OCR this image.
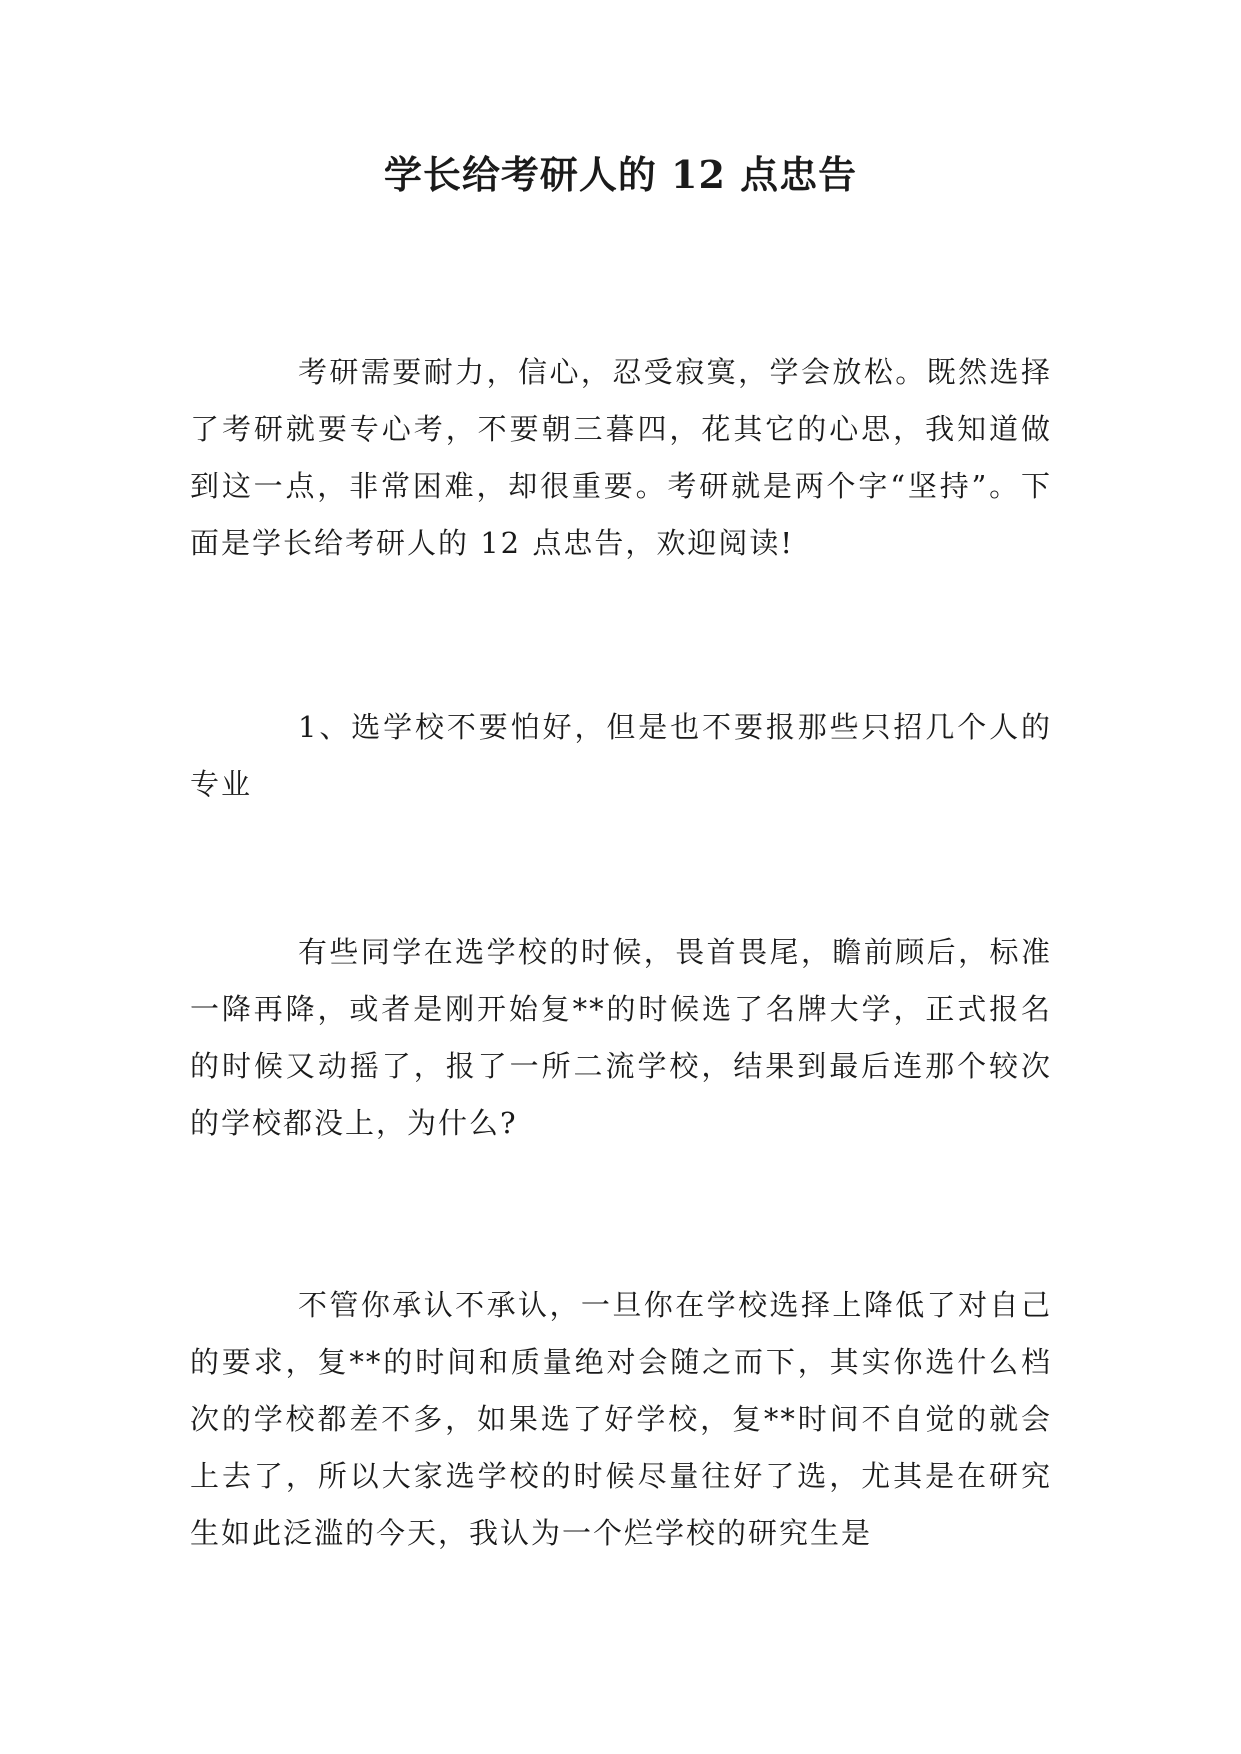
学长给考研人的 12 点忠告

考研需要耐力，信心，忍受寂寞，学会放松。既然选择了考研就要专心考，不要朝三暮四，花其它的心思，我知道做到这一点，非常困难，却很重要。考研就是两个字“坚持”。下面是学长给考研人的 12 点忠告，欢迎阅读!

1、选学校不要怕好，但是也不要报那些只招几个人的专业

有些同学在选学校的时候，畏首畏尾，瞻前顾后，标准一降再降，或者是刚开始复**的时候选了名牌大学，正式报名的时候又动摇了，报了一所二流学校，结果到最后连那个较次的学校都没上，为什么?

不管你承认不承认，一旦你在学校选择上降低了对自己的要求，复**的时间和质量绝对会随之而下，其实你选什么档次的学校都差不多，如果选了好学校，复**时间不自觉的就会上去了，所以大家选学校的时候尽量往好了选，尤其是在研究生如此泛滥的今天，我认为一个烂学校的研究生是
